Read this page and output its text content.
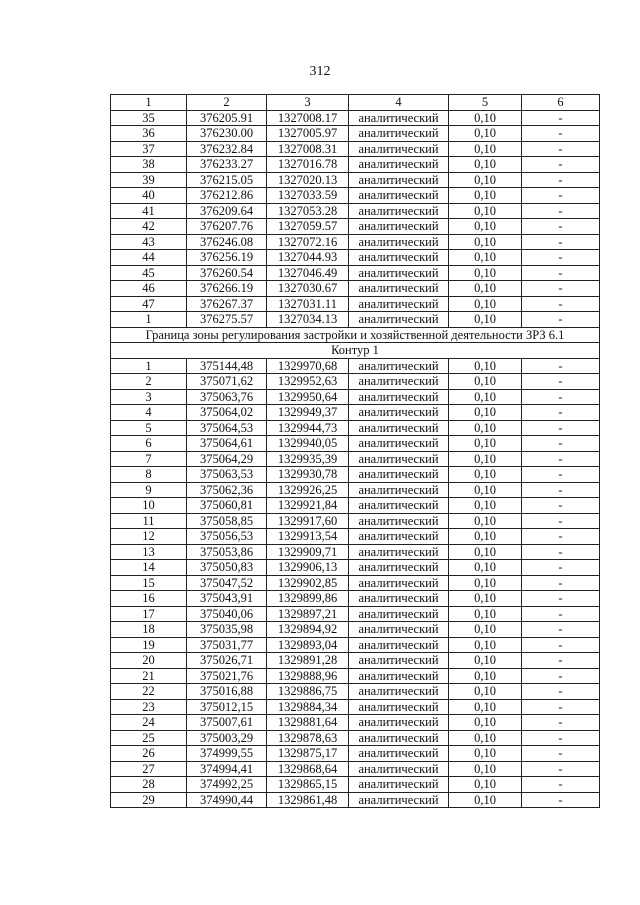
312
1	2	3	4	5	6
35	376205.91	1327008.17	аналитический	0,10	-
36	376230.00	1327005.97	аналитический	0,10	-
37	376232.84	1327008.31	аналитический	0,10	-
38	376233.27	1327016.78	аналитический	0,10	-
39	376215.05	1327020.13	аналитический	0,10	-
40	376212.86	1327033.59	аналитический	0,10	-
41	376209.64	1327053.28	аналитический	0,10	-
42	376207.76	1327059.57	аналитический	0,10	-
43	376246.08	1327072.16	аналитический	0,10	-
44	376256.19	1327044.93	аналитический	0,10	-
45	376260.54	1327046.49	аналитический	0,10	-
46	376266.19	1327030.67	аналитический	0,10	-
47	376267.37	1327031.11	аналитический	0,10	-
1	376275.57	1327034.13	аналитический	0,10	-
Граница зоны регулирования застройки и хозяйственной деятельности ЗРЗ 6.1					
Контур 1					
1	375144,48	1329970,68	аналитический	0,10	-
2	375071,62	1329952,63	аналитический	0,10	-
3	375063,76	1329950,64	аналитический	0,10	-
4	375064,02	1329949,37	аналитический	0,10	-
5	375064,53	1329944,73	аналитический	0,10	-
6	375064,61	1329940,05	аналитический	0,10	-
7	375064,29	1329935,39	аналитический	0,10	-
8	375063,53	1329930,78	аналитический	0,10	-
9	375062,36	1329926,25	аналитический	0,10	-
10	375060,81	1329921,84	аналитический	0,10	-
11	375058,85	1329917,60	аналитический	0,10	-
12	375056,53	1329913,54	аналитический	0,10	-
13	375053,86	1329909,71	аналитический	0,10	-
14	375050,83	1329906,13	аналитический	0,10	-
15	375047,52	1329902,85	аналитический	0,10	-
16	375043,91	1329899,86	аналитический	0,10	-
17	375040,06	1329897,21	аналитический	0,10	-
18	375035,98	1329894,92	аналитический	0,10	-
19	375031,77	1329893,04	аналитический	0,10	-
20	375026,71	1329891,28	аналитический	0,10	-
21	375021,76	1329888,96	аналитический	0,10	-
22	375016,88	1329886,75	аналитический	0,10	-
23	375012,15	1329884,34	аналитический	0,10	-
24	375007,61	1329881,64	аналитический	0,10	-
25	375003,29	1329878,63	аналитический	0,10	-
26	374999,55	1329875,17	аналитический	0,10	-
27	374994,41	1329868,64	аналитический	0,10	-
28	374992,25	1329865,15	аналитический	0,10	-
29	374990,44	1329861,48	аналитический	0,10	-
